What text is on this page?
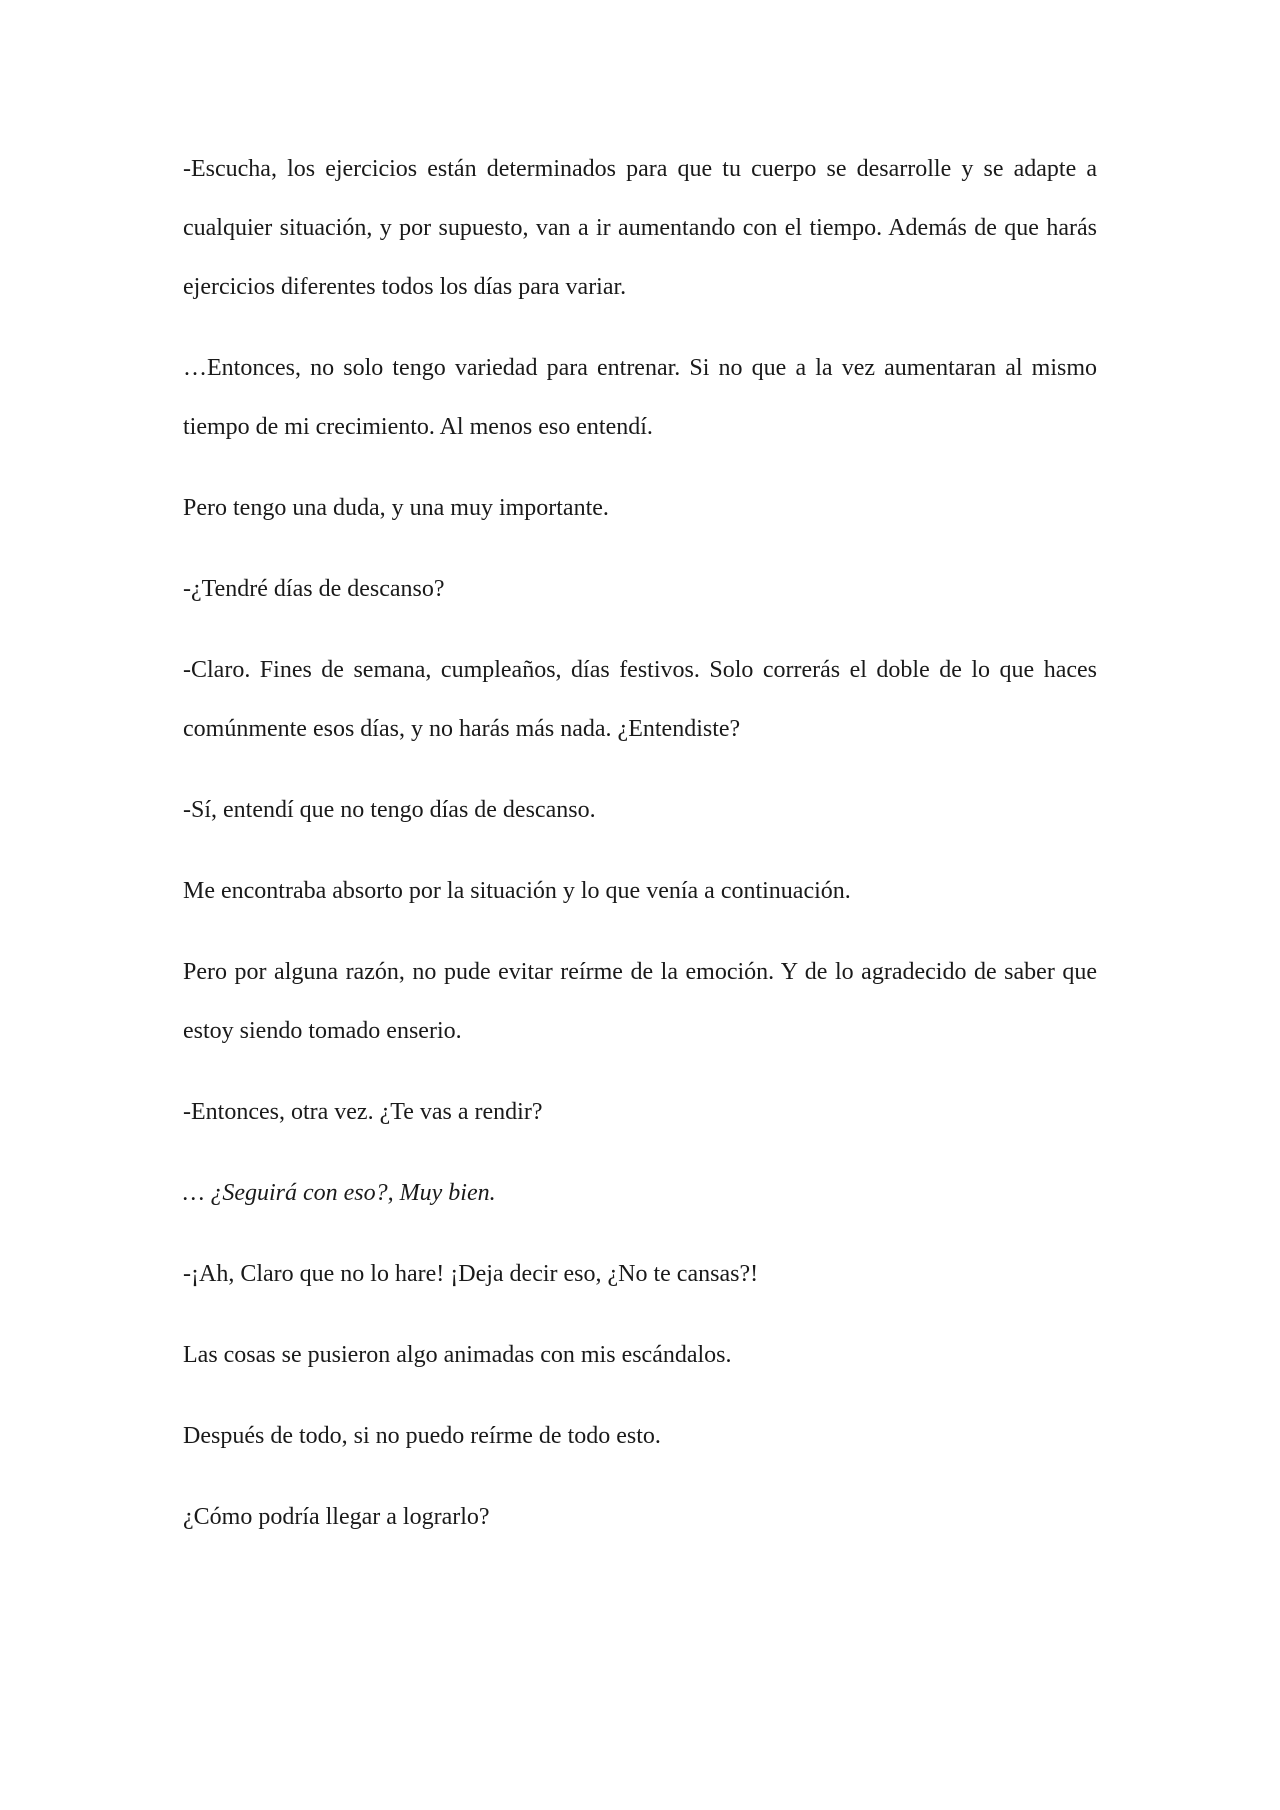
-Escucha, los ejercicios están determinados para que tu cuerpo se desarrolle y se adapte a cualquier situación, y por supuesto, van a ir aumentando con el tiempo. Además de que harás ejercicios diferentes todos los días para variar.

…Entonces, no solo tengo variedad para entrenar. Si no que a la vez aumentaran al mismo tiempo de mi crecimiento. Al menos eso entendí.

Pero tengo una duda, y una muy importante.

-¿Tendré días de descanso?

-Claro. Fines de semana, cumpleaños, días festivos. Solo correrás el doble de lo que haces comúnmente esos días, y no harás más nada. ¿Entendiste?

-Sí, entendí que no tengo días de descanso.

Me encontraba absorto por la situación y lo que venía a continuación.

Pero por alguna razón, no pude evitar reírme de la emoción. Y de lo agradecido de saber que estoy siendo tomado enserio.

-Entonces, otra vez. ¿Te vas a rendir?

… ¿Seguirá con eso?, Muy bien.

-¡Ah, Claro que no lo hare! ¡Deja decir eso, ¿No te cansas?!

Las cosas se pusieron algo animadas con mis escándalos.

Después de todo, si no puedo reírme de todo esto.

¿Cómo podría llegar a lograrlo?
